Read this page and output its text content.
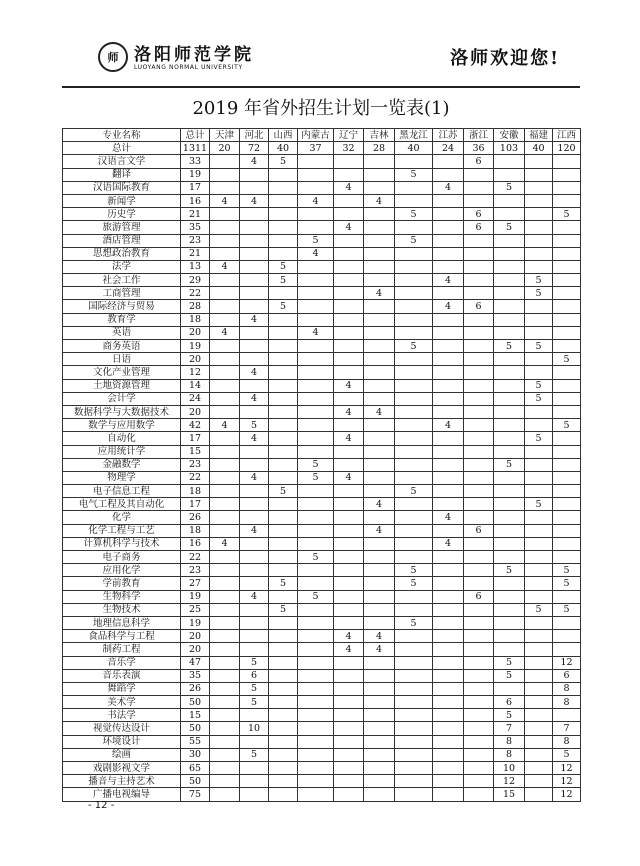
师 洛阳师范学院
LUOYANG NORMAL UNIVERSITY	洛师欢迎您!
2019 年省外招生计划一览表(1)
专业名称	总计	天津	河北	山西	内蒙古	辽宁	吉林	黑龙江	江苏	浙江	安徽	福建	江西
总计	1311	20	72	40	37	32	28	40	24	36	103	40	120
汉语言文学	33		4	5						6			
翻译	19							5					
汉语国际教育	17					4			4		5		
新闻学	16	4	4		4		4						
历史学	21							5		6			5
旅游管理	35					4				6	5		
酒店管理	23				5			5					
思想政治教育	21				4								
法学	13	4		5									
社会工作	29			5					4			5	
工商管理	22						4					5	
国际经济与贸易	28			5					4	6			
教育学	18		4										
英语	20	4			4								
商务英语	19							5			5	5	
日语	20												5
文化产业管理	12		4										
土地资源管理	14					4						5	
会计学	24		4									5	
数据科学与大数据技术	20					4	4						
数学与应用数学	42	4	5						4				5
自动化	17		4			4						5	
应用统计学	15												
金融数学	23				5						5		
物理学	22		4		5	4							
电子信息工程	18			5				5					
电气工程及其自动化	17						4					5	
化学	26								4				
化学工程与工艺	18		4				4			6			
计算机科学与技术	16	4							4				
电子商务	22				5								
应用化学	23							5			5		5
学前教育	27			5				5					5
生物科学	19		4		5					6			
生物技术	25			5								5	5
地理信息科学	19							5					
食品科学与工程	20					4	4						
制药工程	20					4	4						
音乐学	47		5								5		12
音乐表演	35		6								5		6
舞蹈学	26		5										8
美术学	50		5								6		8
书法学	15										5		
视觉传达设计	50		10								7		7
环境设计	55										8		8
绘画	30		5								8		5
戏剧影视文学	65										10		12
播音与主持艺术	50										12		12
广播电视编导	75										15		12
- 12 -
